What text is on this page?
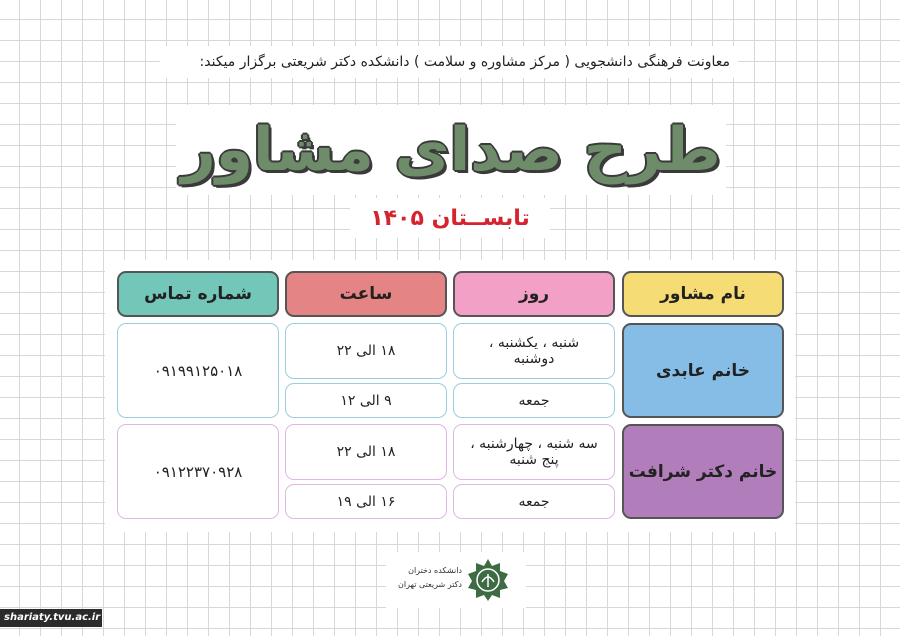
معاونت فرهنگی دانشجویی ( مرکز مشاوره و سلامت ) دانشکده دکتر شریعتی برگزار میکند:
طرح صدای مشاور
تابســتان ۱۴۰۵
نام مشاور
روز
ساعت
شماره تماس
خانم عابدی
شنبه ، یکشنبه ، دوشنبه
جمعه
۱۸ الی ۲۲
۹ الی ۱۲
۰۹۱۹۹۱۲۵۰۱۸
خانم دکتر شرافت
سه شنبه ، چهارشنبه ، پنج شنبه
جمعه
۱۸ الی ۲۲
۱۶ الی ۱۹
۰۹۱۲۲۳۷۰۹۲۸
دانشکده دختران
دکتر شریعتی تهران
shariaty.tvu.ac.ir
